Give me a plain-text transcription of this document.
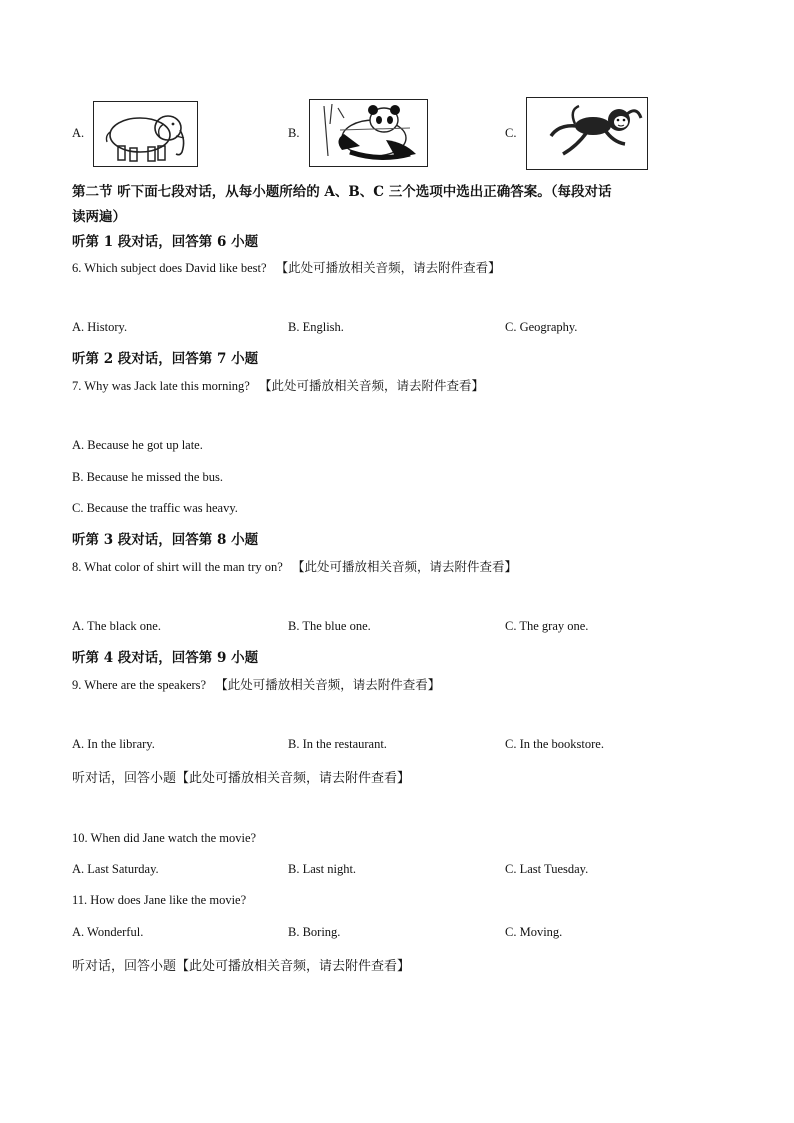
A.	B.	C.
第二节 听下面七段对话，从每小题所给的 A、B、C 三个选项中选出正确答案。（每段对话
读两遍）
听第 1 段对话，回答第 6 小题
6. Which subject does David like best? 【此处可播放相关音频，请去附件查看】
A. History.	B. English.	C. Geography.
听第 2 段对话，回答第 7 小题
7. Why was Jack late this morning? 【此处可播放相关音频，请去附件查看】
A. Because he got up late.
B. Because he missed the bus.
C. Because the traffic was heavy.
听第 3 段对话，回答第 8 小题
8. What color of shirt will the man try on? 【此处可播放相关音频，请去附件查看】
A. The black one.	B. The blue one.	C. The gray one.
听第 4 段对话，回答第 9 小题
9. Where are the speakers? 【此处可播放相关音频，请去附件查看】
A. In the library.	B. In the restaurant.	C. In the bookstore.
听对话，回答小题【此处可播放相关音频，请去附件查看】
10. When did Jane watch the movie?
A. Last Saturday.	B. Last night.	C. Last Tuesday.
11. How does Jane like the movie?
A. Wonderful.	B. Boring.	C. Moving.
听对话，回答小题【此处可播放相关音频，请去附件查看】
